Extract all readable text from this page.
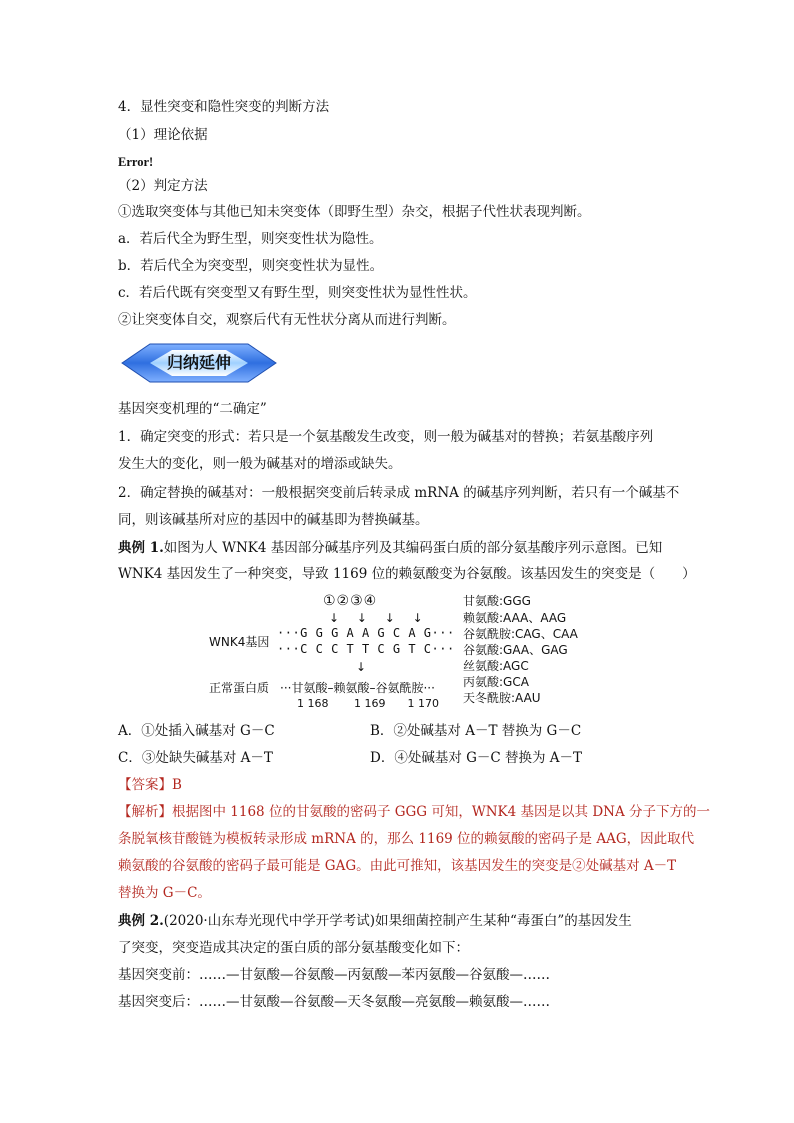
4．显性突变和隐性突变的判断方法
（1）理论依据
Error!
（2）判定方法
①选取突变体与其他已知未突变体（即野生型）杂交，根据子代性状表现判断。
a．若后代全为野生型，则突变性状为隐性。
b．若后代全为突变型，则突变性状为显性。
c．若后代既有突变型又有野生型，则突变性状为显性性状。
②让突变体自交，观察后代有无性状分离从而进行判断。
归纳延伸
基因突变机理的“二确定”
1．确定突变的形式：若只是一个氨基酸发生改变，则一般为碱基对的替换；若氨基酸序列
发生大的变化，则一般为碱基对的增添或缺失。
2．确定替换的碱基对：一般根据突变前后转录成 mRNA 的碱基序列判断，若只有一个碱基不
同，则该碱基所对应的基因中的碱基即为替换碱基。
典例 1.如图为人 WNK4 基因部分碱基序列及其编码蛋白质的部分氨基酸序列示意图。已知
WNK4 基因发生了一种突变，导致 1169 位的赖氨酸变为谷氨酸。该基因发生的突变是（　　）
①②③④
↓ ↓ ↓ ↓
WNK4基因
···G G G A A G C A G···
···C C C T T C G T C···
↓
正常蛋白质 ···甘氨酸–赖氨酸–谷氨酰胺···
1 168　　 1 169　　1 170
甘氨酸:GGG
赖氨酸:AAA、AAG
谷氨酰胺:CAG、CAA
谷氨酸:GAA、GAG
丝氨酸:AGC
丙氨酸:GCA
天冬酰胺:AAU
A．①处插入碱基对 G－C	B．②处碱基对 A－T 替换为 G－C
C．③处缺失碱基对 A－T	D．④处碱基对 G－C 替换为 A－T
【答案】B
【解析】根据图中 1168 位的甘氨酸的密码子 GGG 可知，WNK4 基因是以其 DNA 分子下方的一
条脱氧核苷酸链为模板转录形成 mRNA 的，那么 1169 位的赖氨酸的密码子是 AAG，因此取代
赖氨酸的谷氨酸的密码子最可能是 GAG。由此可推知，该基因发生的突变是②处碱基对 A－T
替换为 G－C。
典例 2.(2020·山东寿光现代中学开学考试)如果细菌控制产生某种“毒蛋白”的基因发生
了突变，突变造成其决定的蛋白质的部分氨基酸变化如下：
基因突变前：……—甘氨酸—谷氨酸—丙氨酸—苯丙氨酸—谷氨酸—……
基因突变后：……—甘氨酸—谷氨酸—天冬氨酸—亮氨酸—赖氨酸—……
